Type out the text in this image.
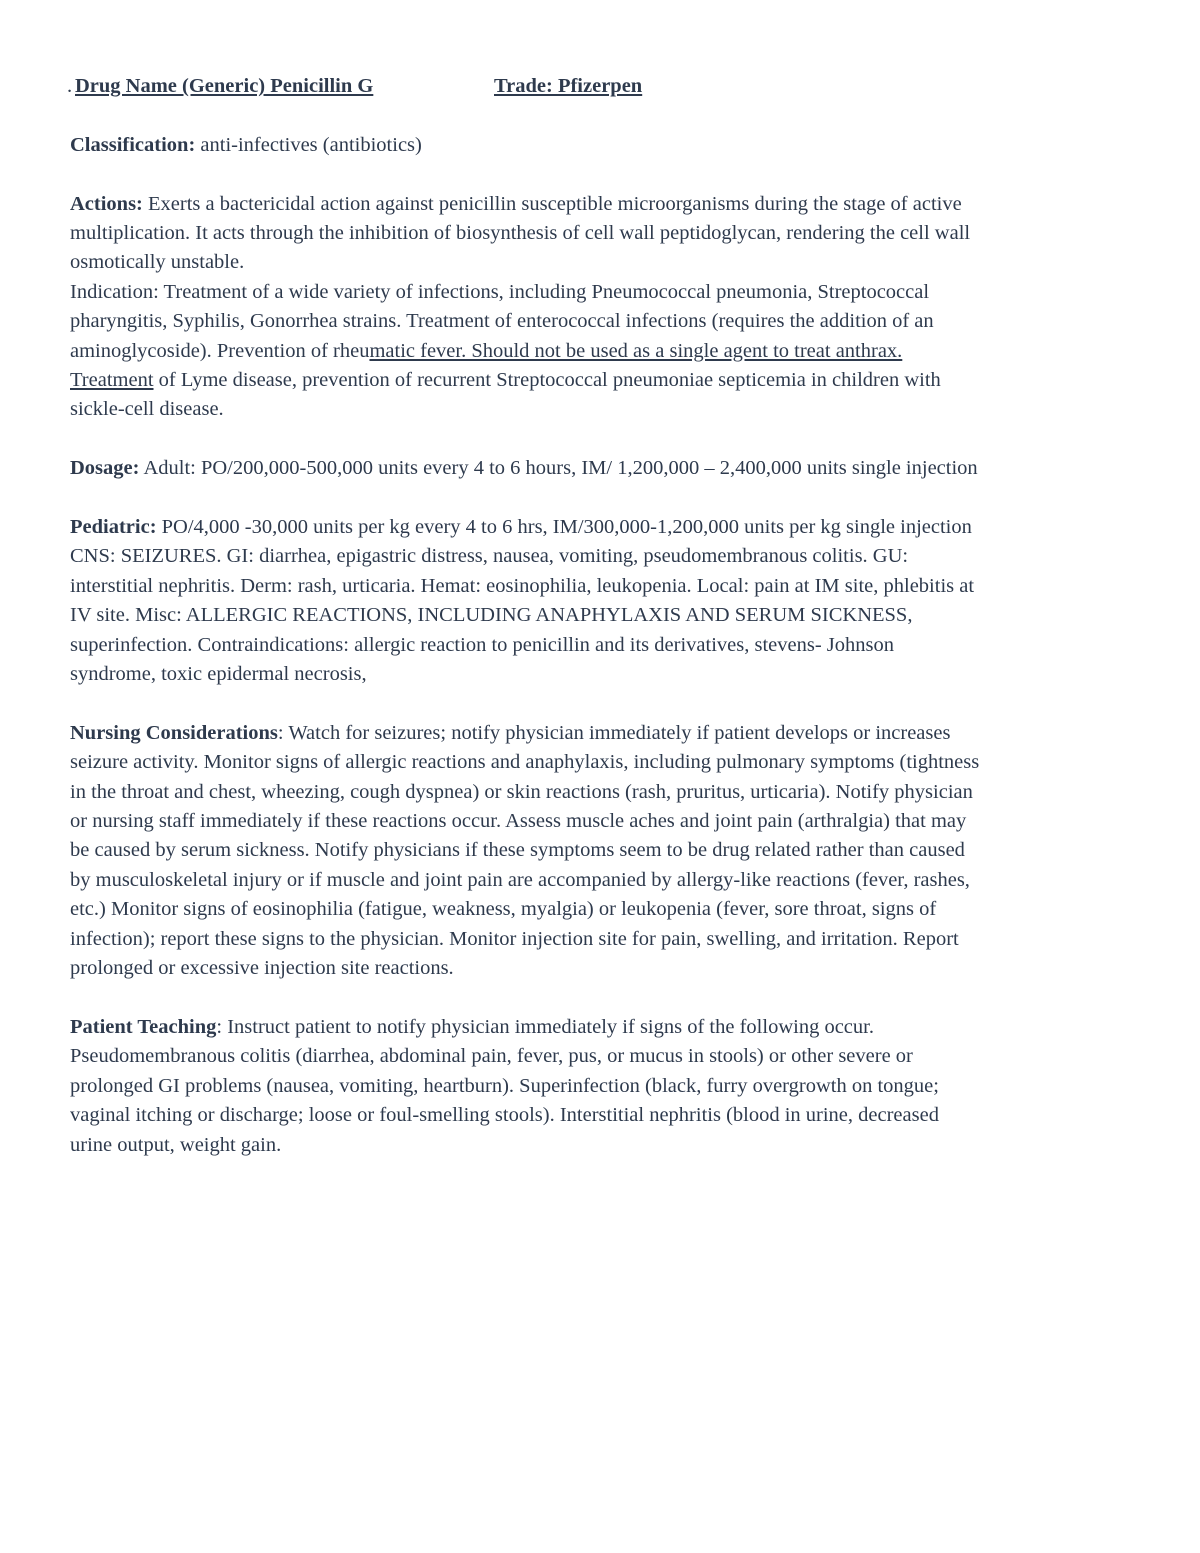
. Drug Name (Generic) Penicillin G	Trade: Pfizerpen

Classification: anti-infectives (antibiotics)

Actions: Exerts a bactericidal action against penicillin susceptible microorganisms during the stage of active multiplication. It acts through the inhibition of biosynthesis of cell wall peptidoglycan, rendering the cell wall osmotically unstable.

Indication: Treatment of a wide variety of infections, including Pneumococcal pneumonia, Streptococcal pharyngitis, Syphilis, Gonorrhea strains. Treatment of enterococcal infections (requires the addition of an aminoglycoside). Prevention of rheumatic fever. Should not be used as a single agent to treat anthrax. Treatment of Lyme disease, prevention of recurrent Streptococcal pneumoniae septicemia in children with sickle-cell disease.

Dosage: Adult: PO/200,000-500,000 units every 4 to 6 hours, IM/ 1,200,000 – 2,400,000 units single injection

Pediatric: PO/4,000 -30,000 units per kg every 4 to 6 hrs, IM/300,000-1,200,000 units per kg single injection CNS: SEIZURES. GI: diarrhea, epigastric distress, nausea, vomiting, pseudomembranous colitis. GU: interstitial nephritis. Derm: rash, urticaria. Hemat: eosinophilia, leukopenia. Local: pain at IM site, phlebitis at IV site. Misc: ALLERGIC REACTIONS, INCLUDING ANAPHYLAXIS AND SERUM SICKNESS, superinfection. Contraindications: allergic reaction to penicillin and its derivatives, stevens- Johnson syndrome, toxic epidermal necrosis,

Nursing Considerations: Watch for seizures; notify physician immediately if patient develops or increases seizure activity. Monitor signs of allergic reactions and anaphylaxis, including pulmonary symptoms (tightness in the throat and chest, wheezing, cough dyspnea) or skin reactions (rash, pruritus, urticaria). Notify physician or nursing staff immediately if these reactions occur. Assess muscle aches and joint pain (arthralgia) that may be caused by serum sickness. Notify physicians if these symptoms seem to be drug related rather than caused by musculoskeletal injury or if muscle and joint pain are accompanied by allergy-like reactions (fever, rashes, etc.) Monitor signs of eosinophilia (fatigue, weakness, myalgia) or leukopenia (fever, sore throat, signs of infection); report these signs to the physician. Monitor injection site for pain, swelling, and irritation. Report prolonged or excessive injection site reactions.

Patient Teaching: Instruct patient to notify physician immediately if signs of the following occur. Pseudomembranous colitis (diarrhea, abdominal pain, fever, pus, or mucus in stools) or other severe or prolonged GI problems (nausea, vomiting, heartburn). Superinfection (black, furry overgrowth on tongue; vaginal itching or discharge; loose or foul-smelling stools). Interstitial nephritis (blood in urine, decreased urine output, weight gain.
